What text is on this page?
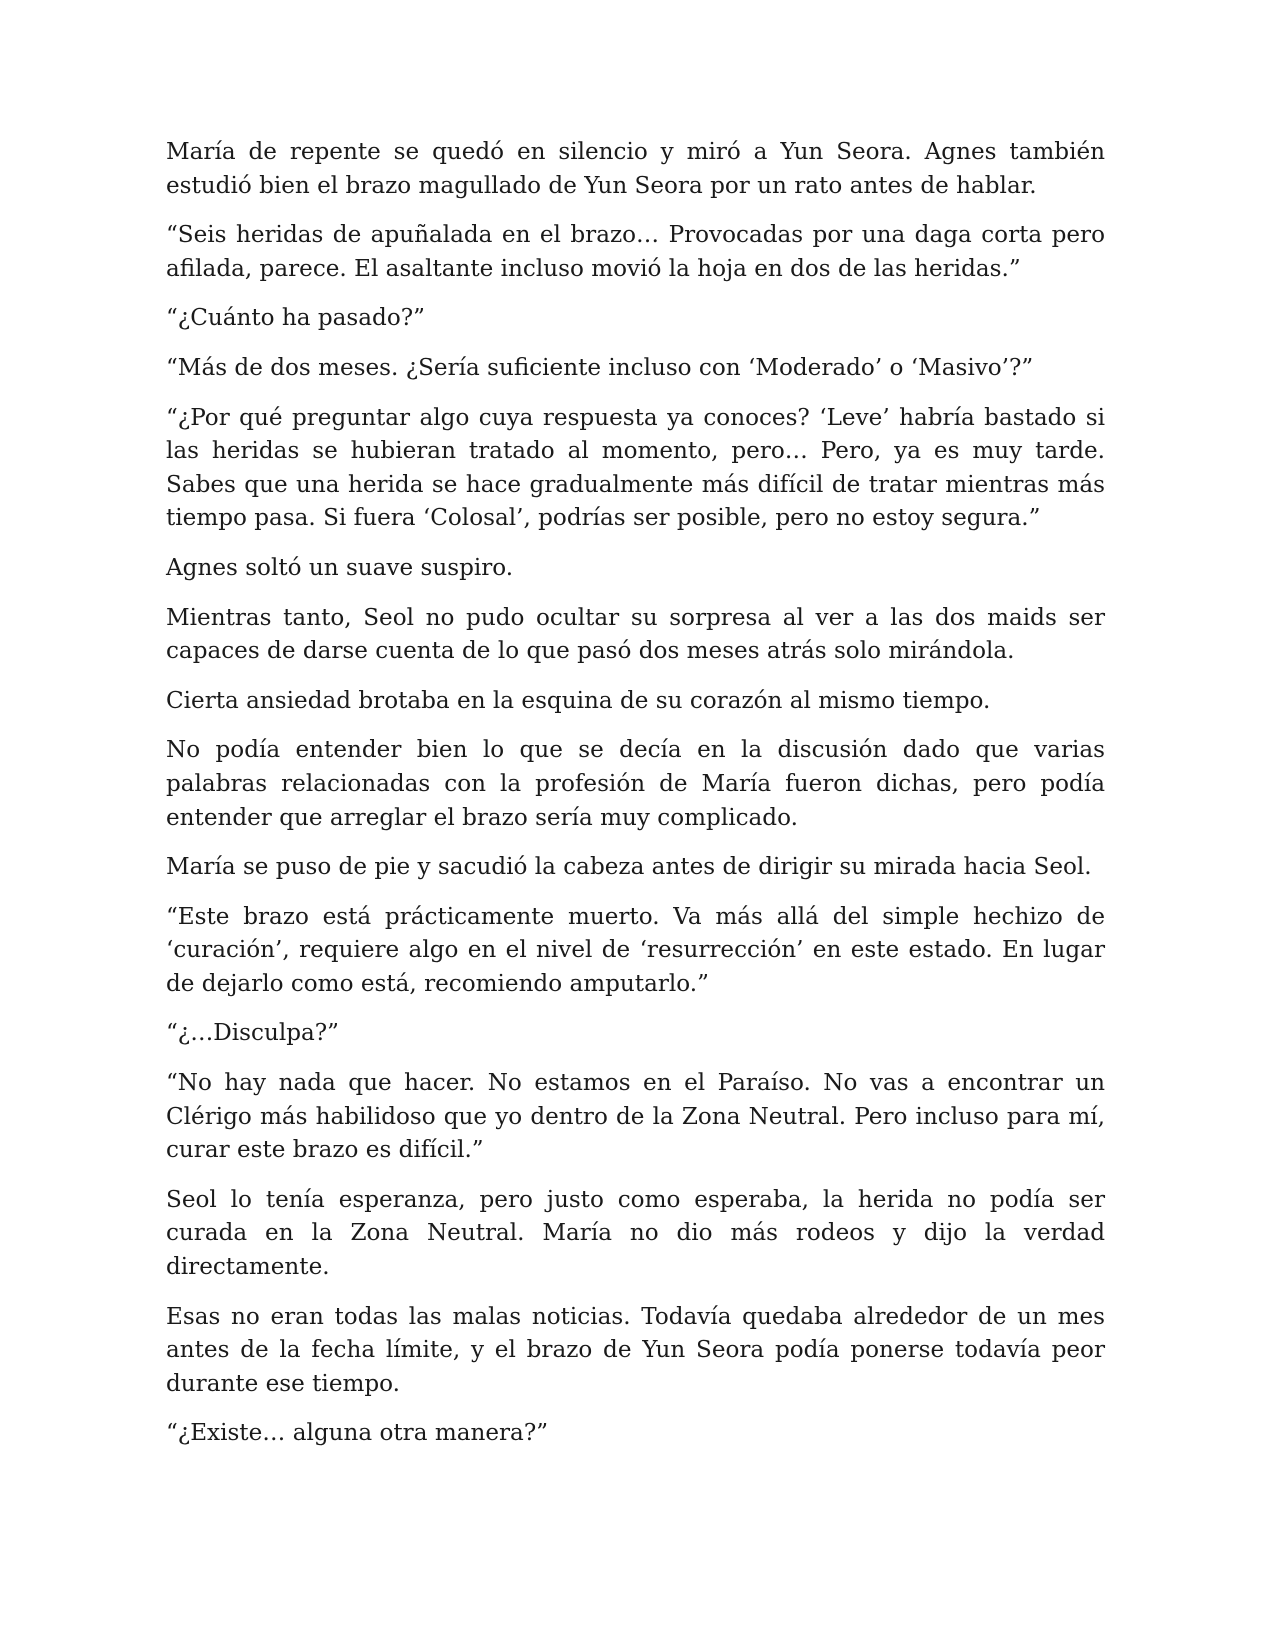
María de repente se quedó en silencio y miró a Yun Seora. Agnes también estudió bien el brazo magullado de Yun Seora por un rato antes de hablar.

“Seis heridas de apuñalada en el brazo… Provocadas por una daga corta pero afilada, parece. El asaltante incluso movió la hoja en dos de las heridas.”

“¿Cuánto ha pasado?”

“Más de dos meses. ¿Sería suficiente incluso con ‘Moderado’ o ‘Masivo’?”

“¿Por qué preguntar algo cuya respuesta ya conoces? ‘Leve’ habría bastado si las heridas se hubieran tratado al momento, pero… Pero, ya es muy tarde. Sabes que una herida se hace gradualmente más difícil de tratar mientras más tiempo pasa. Si fuera ‘Colosal’, podrías ser posible, pero no estoy segura.”

Agnes soltó un suave suspiro.

Mientras tanto, Seol no pudo ocultar su sorpresa al ver a las dos maids ser capaces de darse cuenta de lo que pasó dos meses atrás solo mirándola.

Cierta ansiedad brotaba en la esquina de su corazón al mismo tiempo.

No podía entender bien lo que se decía en la discusión dado que varias palabras relacionadas con la profesión de María fueron dichas, pero podía entender que arreglar el brazo sería muy complicado.

María se puso de pie y sacudió la cabeza antes de dirigir su mirada hacia Seol.

“Este brazo está prácticamente muerto. Va más allá del simple hechizo de ‘curación’, requiere algo en el nivel de ‘resurrección’ en este estado. En lugar de dejarlo como está, recomiendo amputarlo.”

“¿…Disculpa?”

“No hay nada que hacer. No estamos en el Paraíso. No vas a encontrar un Clérigo más habilidoso que yo dentro de la Zona Neutral. Pero incluso para mí, curar este brazo es difícil.”

Seol lo tenía esperanza, pero justo como esperaba, la herida no podía ser curada en la Zona Neutral. María no dio más rodeos y dijo la verdad directamente.

Esas no eran todas las malas noticias. Todavía quedaba alrededor de un mes antes de la fecha límite, y el brazo de Yun Seora podía ponerse todavía peor durante ese tiempo.

“¿Existe… alguna otra manera?”
